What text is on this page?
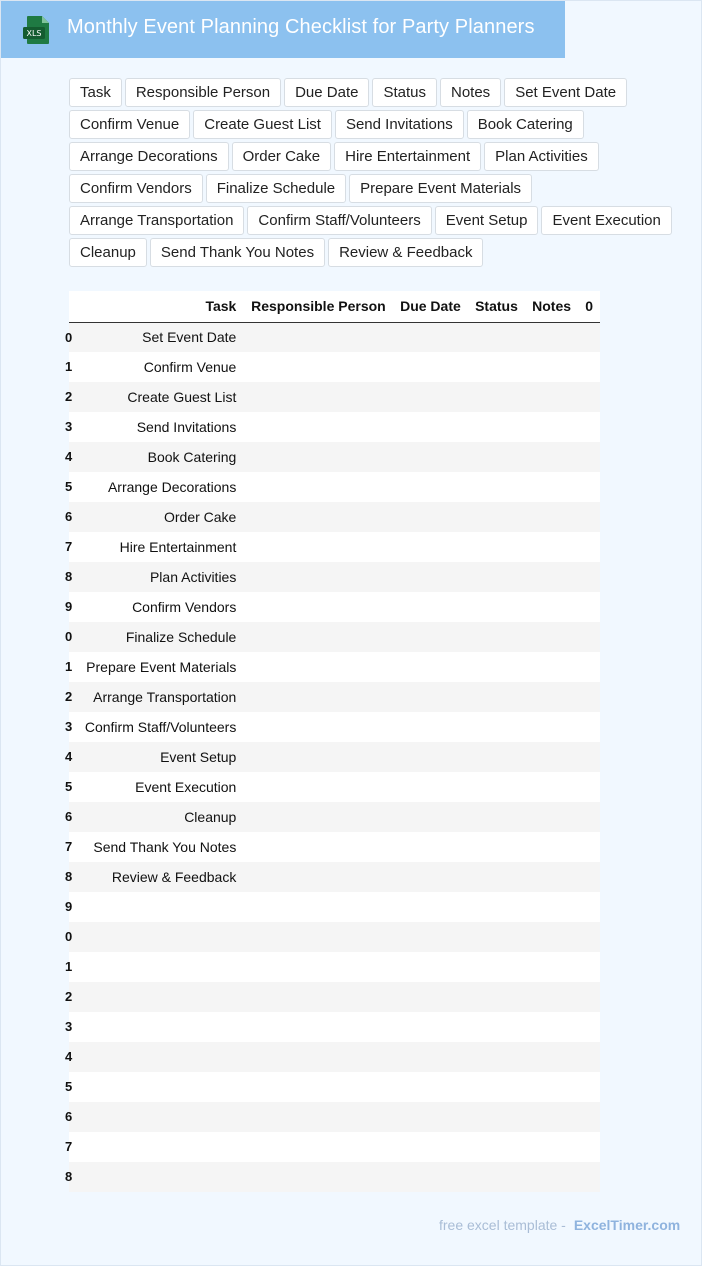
XLS Monthly Event Planning Checklist for Party Planners
Task	Responsible Person	Due Date	Status	Notes	Set Event Date
Confirm Venue	Create Guest List	Send Invitations	Book Catering
Arrange Decorations	Order Cake	Hire Entertainment	Plan Activities
Confirm Vendors	Finalize Schedule	Prepare Event Materials
Arrange Transportation	Confirm Staff/Volunteers	Event Setup	Event Execution
Cleanup	Send Thank You Notes	Review & Feedback
	Task	Responsible Person	Due Date	Status	Notes	0

0	Set Event Date					

1	Confirm Venue					

2	Create Guest List					

3	Send Invitations					

4	Book Catering					

5	Arrange Decorations					

6	Order Cake					

7	Hire Entertainment					

8	Plan Activities					

9	Confirm Vendors					

0	Finalize Schedule					

1	Prepare Event Materials					

2	Arrange Transportation					

3	Confirm Staff/Volunteers					

4	Event Setup					

5	Event Execution					

6	Cleanup					

7	Send Thank You Notes					

8	Review & Feedback					

9						

0						

1						

2						

3						

4						

5						

6						

7						

8						

free excel template - ExcelTimer.com
